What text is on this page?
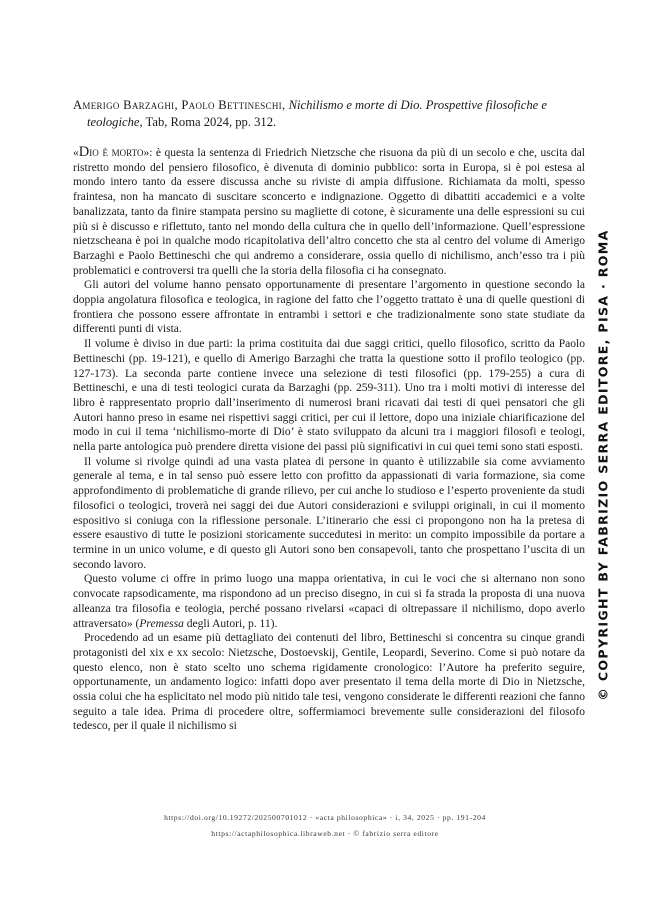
Amerigo Barzaghi, Paolo Bettineschi, Nichilismo e morte di Dio. Prospettive filosofiche e teologiche, Tab, Roma 2024, pp. 312.

«Dio è morto»: è questa la sentenza di Friedrich Nietzsche che risuona da più di un secolo e che, uscita dal ristretto mondo del pensiero filosofico, è divenuta di dominio pubblico: sorta in Europa, si è poi estesa al mondo intero tanto da essere discussa anche su riviste di ampia diffusione. Richiamata da molti, spesso fraintesa, non ha mancato di suscitare sconcerto e indignazione. Oggetto di dibattiti accademici e a volte banalizzata, tanto da finire stampata persino su magliette di cotone, è sicuramente una delle espressioni su cui più si è discusso e riflettuto, tanto nel mondo della cultura che in quello dell’informazione. Quell’espressione nietzscheana è poi in qualche modo ricapitolativa dell’altro concetto che sta al centro del volume di Amerigo Barzaghi e Paolo Bettineschi che qui andremo a considerare, ossia quello di nichilismo, anch’esso tra i più problematici e controversi tra quelli che la storia della filosofia ci ha consegnato.

Gli autori del volume hanno pensato opportunamente di presentare l’argomento in questione secondo la doppia angolatura filosofica e teologica, in ragione del fatto che l’oggetto trattato è una di quelle questioni di frontiera che possono essere affrontate in entrambi i settori e che tradizionalmente sono state studiate da differenti punti di vista.

Il volume è diviso in due parti: la prima costituita dai due saggi critici, quello filosofico, scritto da Paolo Bettineschi (pp. 19-121), e quello di Amerigo Barzaghi che tratta la questione sotto il profilo teologico (pp. 127-173). La seconda parte contiene invece una selezione di testi filosofici (pp. 179-255) a cura di Bettineschi, e una di testi teologici curata da Barzaghi (pp. 259-311). Uno tra i molti motivi di interesse del libro è rappresentato proprio dall’inserimento di numerosi brani ricavati dai testi di quei pensatori che gli Autori hanno preso in esame nei rispettivi saggi critici, per cui il lettore, dopo una iniziale chiarificazione del modo in cui il tema ‘nichilismo-morte di Dio’ è stato sviluppato da alcuni tra i maggiori filosofi e teologi, nella parte antologica può prendere diretta visione dei passi più significativi in cui quei temi sono stati esposti.

Il volume si rivolge quindi ad una vasta platea di persone in quanto è utilizzabile sia come avviamento generale al tema, e in tal senso può essere letto con profitto da appassionati di varia formazione, sia come approfondimento di problematiche di grande rilievo, per cui anche lo studioso e l’esperto proveniente da studi filosofici o teologici, troverà nei saggi dei due Autori considerazioni e sviluppi originali, in cui il momento espositivo si coniuga con la riflessione personale. L’itinerario che essi ci propongono non ha la pretesa di essere esaustivo di tutte le posizioni storicamente succedutesi in merito: un compito impossibile da portare a termine in un unico volume, e di questo gli Autori sono ben consapevoli, tanto che prospettano l’uscita di un secondo lavoro.

Questo volume ci offre in primo luogo una mappa orientativa, in cui le voci che si alternano non sono convocate rapsodicamente, ma rispondono ad un preciso disegno, in cui si fa strada la proposta di una nuova alleanza tra filosofia e teologia, perché possano rivelarsi «capaci di oltrepassare il nichilismo, dopo averlo attraversato» (Premessa degli Autori, p. 11).

Procedendo ad un esame più dettagliato dei contenuti del libro, Bettineschi si concentra su cinque grandi protagonisti del xix e xx secolo: Nietzsche, Dostoevskij, Gentile, Leopardi, Severino. Come si può notare da questo elenco, non è stato scelto uno schema rigidamente cronologico: l’Autore ha preferito seguire, opportunamente, un andamento logico: infatti dopo aver presentato il tema della morte di Dio in Nietzsche, ossia colui che ha esplicitato nel modo più nitido tale tesi, vengono considerate le differenti reazioni che fanno seguito a tale idea. Prima di procedere oltre, soffermiamoci brevemente sulle considerazioni del filosofo tedesco, per il quale il nichilismo si

https://doi.org/10.19272/202500701012 · «acta philosophica» · i, 34, 2025 · pp. 191-204
https://actaphilosophica.libraweb.net · © fabrizio serra editore
© COPYRIGHT BY FABRIZIO SERRA EDITORE, PISA · ROMA
